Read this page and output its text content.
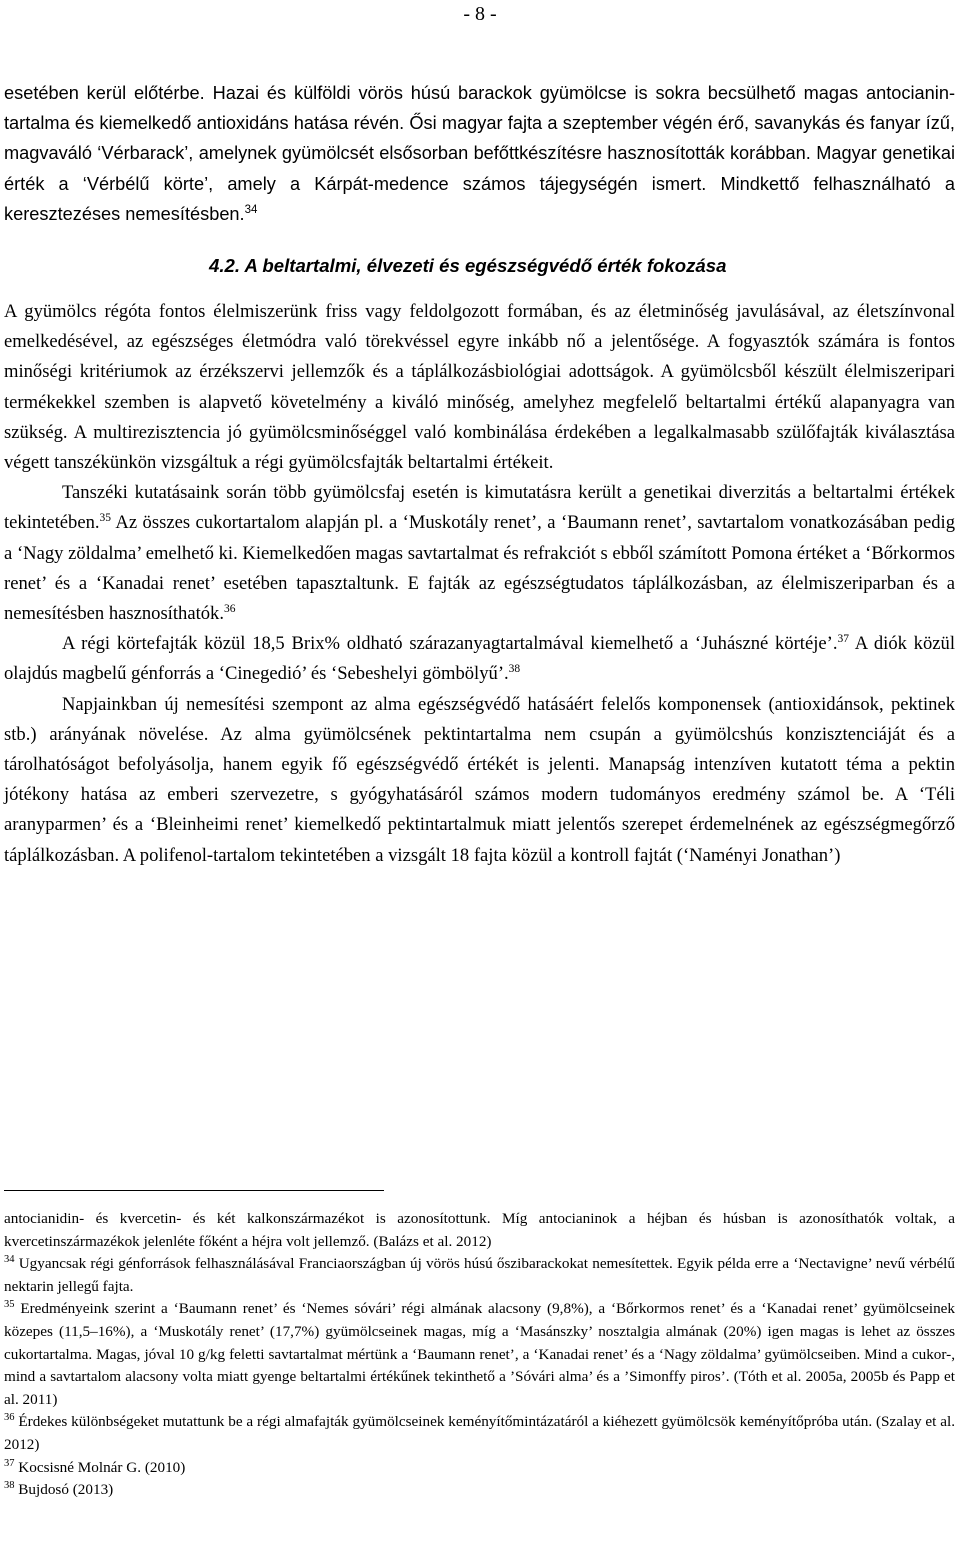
- 8 -

esetében kerül előtérbe. Hazai és külföldi vörös húsú barackok gyümölcse is sokra becsülhető magas antocianin-tartalma és kiemelkedő antioxidáns hatása révén. Ősi magyar fajta a szeptember végén érő, savanykás és fanyar ízű, magvaváló ‘Vérbarack’, amelynek gyümölcsét elsősorban befőttkészítésre hasznosították korábban. Magyar genetikai érték a ‘Vérbélű körte’, amely a Kárpát-medence számos tájegységén ismert. Mindkettő felhasználható a keresztezéses nemesítésben.$^{34}$

4.2. A beltartalmi, élvezeti és egészségvédő érték fokozása

A gyümölcs régóta fontos élelmiszerünk friss vagy feldolgozott formában, és az életminőség javulásával, az életszínvonal emelkedésével, az egészséges életmódra való törekvéssel egyre inkább nő a jelentősége. A fogyasztók számára is fontos minőségi kritériumok az érzékszervi jellemzők és a táplálkozásbiológiai adottságok. A gyümölcsből készült élelmiszeripari termékekkel szemben is alapvető követelmény a kiváló minőség, amelyhez megfelelő beltartalmi értékű alapanyagra van szükség. A multirezisztencia jó gyümölcsminőséggel való kombinálása érdekében a legalkalmasabb szülőfajták kiválasztása végett tanszékünkön vizsgáltuk a régi gyümölcsfajták beltartalmi értékeit.

Tanszéki kutatásaink során több gyümölcsfaj esetén is kimutatásra került a genetikai diverzitás a beltartalmi értékek tekintetében.$^{35}$ Az összes cukortartalom alapján pl. a ‘Muskotály renet’, a ‘Baumann renet’, savtartalom vonatkozásában pedig a ‘Nagy zöldalma’ emelhető ki. Kiemelkedően magas savtartalmat és refrakciót s ebből számított Pomona értéket a ‘Bőrkormos renet’ és a ‘Kanadai renet’ esetében tapasztaltunk. E fajták az egészségtudatos táplálkozásban, az élelmiszeriparban és a nemesítésben hasznosíthatók.$^{36}$

A régi körtefajták közül 18,5 Brix% oldható szárazanyagtartalmával kiemelhető a ‘Juhászné körtéje’.$^{37}$ A diók közül olajdús magbelű génforrás a ‘Cinegedió’ és ‘Sebeshelyi gömbölyű’.$^{38}$

Napjainkban új nemesítési szempont az alma egészségvédő hatásáért felelős komponensek (antioxidánsok, pektinek stb.) arányának növelése. Az alma gyümölcsének pektintartalma nem csupán a gyümölcshús konzisztenciáját és a tárolhatóságot befolyásolja, hanem egyik fő egészségvédő értékét is jelenti. Manapság intenzíven kutatott téma a pektin jótékony hatása az emberi szervezetre, s gyógyhatásáról számos modern tudományos eredmény számol be. A ‘Téli aranyparmen’ és a ‘Bleinheimi renet’ kiemelkedő pektintartalmuk miatt jelentős szerepet érdemelnének az egészségmegőrző táplálkozásban. A polifenol-tartalom tekintetében a vizsgált 18 fajta közül a kontroll fajtát (‘Naményi Jonathan’)

antocianidin- és kvercetin- és két kalkonszármazékot is azonosítottunk. Míg antocianinok a héjban és húsban is azonosíthatók voltak, a kvercetinszármazékok jelenléte főként a héjra volt jellemző. (Balázs et al. 2012)

$^{34}$ Ugyancsak régi génforrások felhasználásával Franciaországban új vörös húsú őszibarackokat nemesítettek. Egyik példa erre a ‘Nectavigne’ nevű vérbélű nektarin jellegű fajta.

$^{35}$ Eredményeink szerint a ‘Baumann renet’ és ‘Nemes sóvári’ régi almának alacsony (9,8%), a ‘Bőrkormos renet’ és a ‘Kanadai renet’ gyümölcseinek közepes (11,5–16%), a ‘Muskotály renet’ (17,7%) gyümölcseinek magas, míg a ‘Masánszky’ nosztalgia almának (20%) igen magas is lehet az összes cukortartalma. Magas, jóval 10 g/kg feletti savtartalmat mértünk a ‘Baumann renet’, a ‘Kanadai renet’ és a ‘Nagy zöldalma’ gyümölcseiben. Mind a cukor-, mind a savtartalom alacsony volta miatt gyenge beltartalmi értékűnek tekinthető a ’Sóvári alma’ és a ’Simonffy piros’. (Tóth et al. 2005a, 2005b és Papp et al. 2011)

$^{36}$ Érdekes különbségeket mutattunk be a régi almafajták gyümölcseinek keményítőmintázatáról a kiéhezett gyümölcsök keményítőpróba után. (Szalay et al. 2012)

$^{37}$ Kocsisné Molnár G. (2010)

$^{38}$ Bujdosó (2013)
